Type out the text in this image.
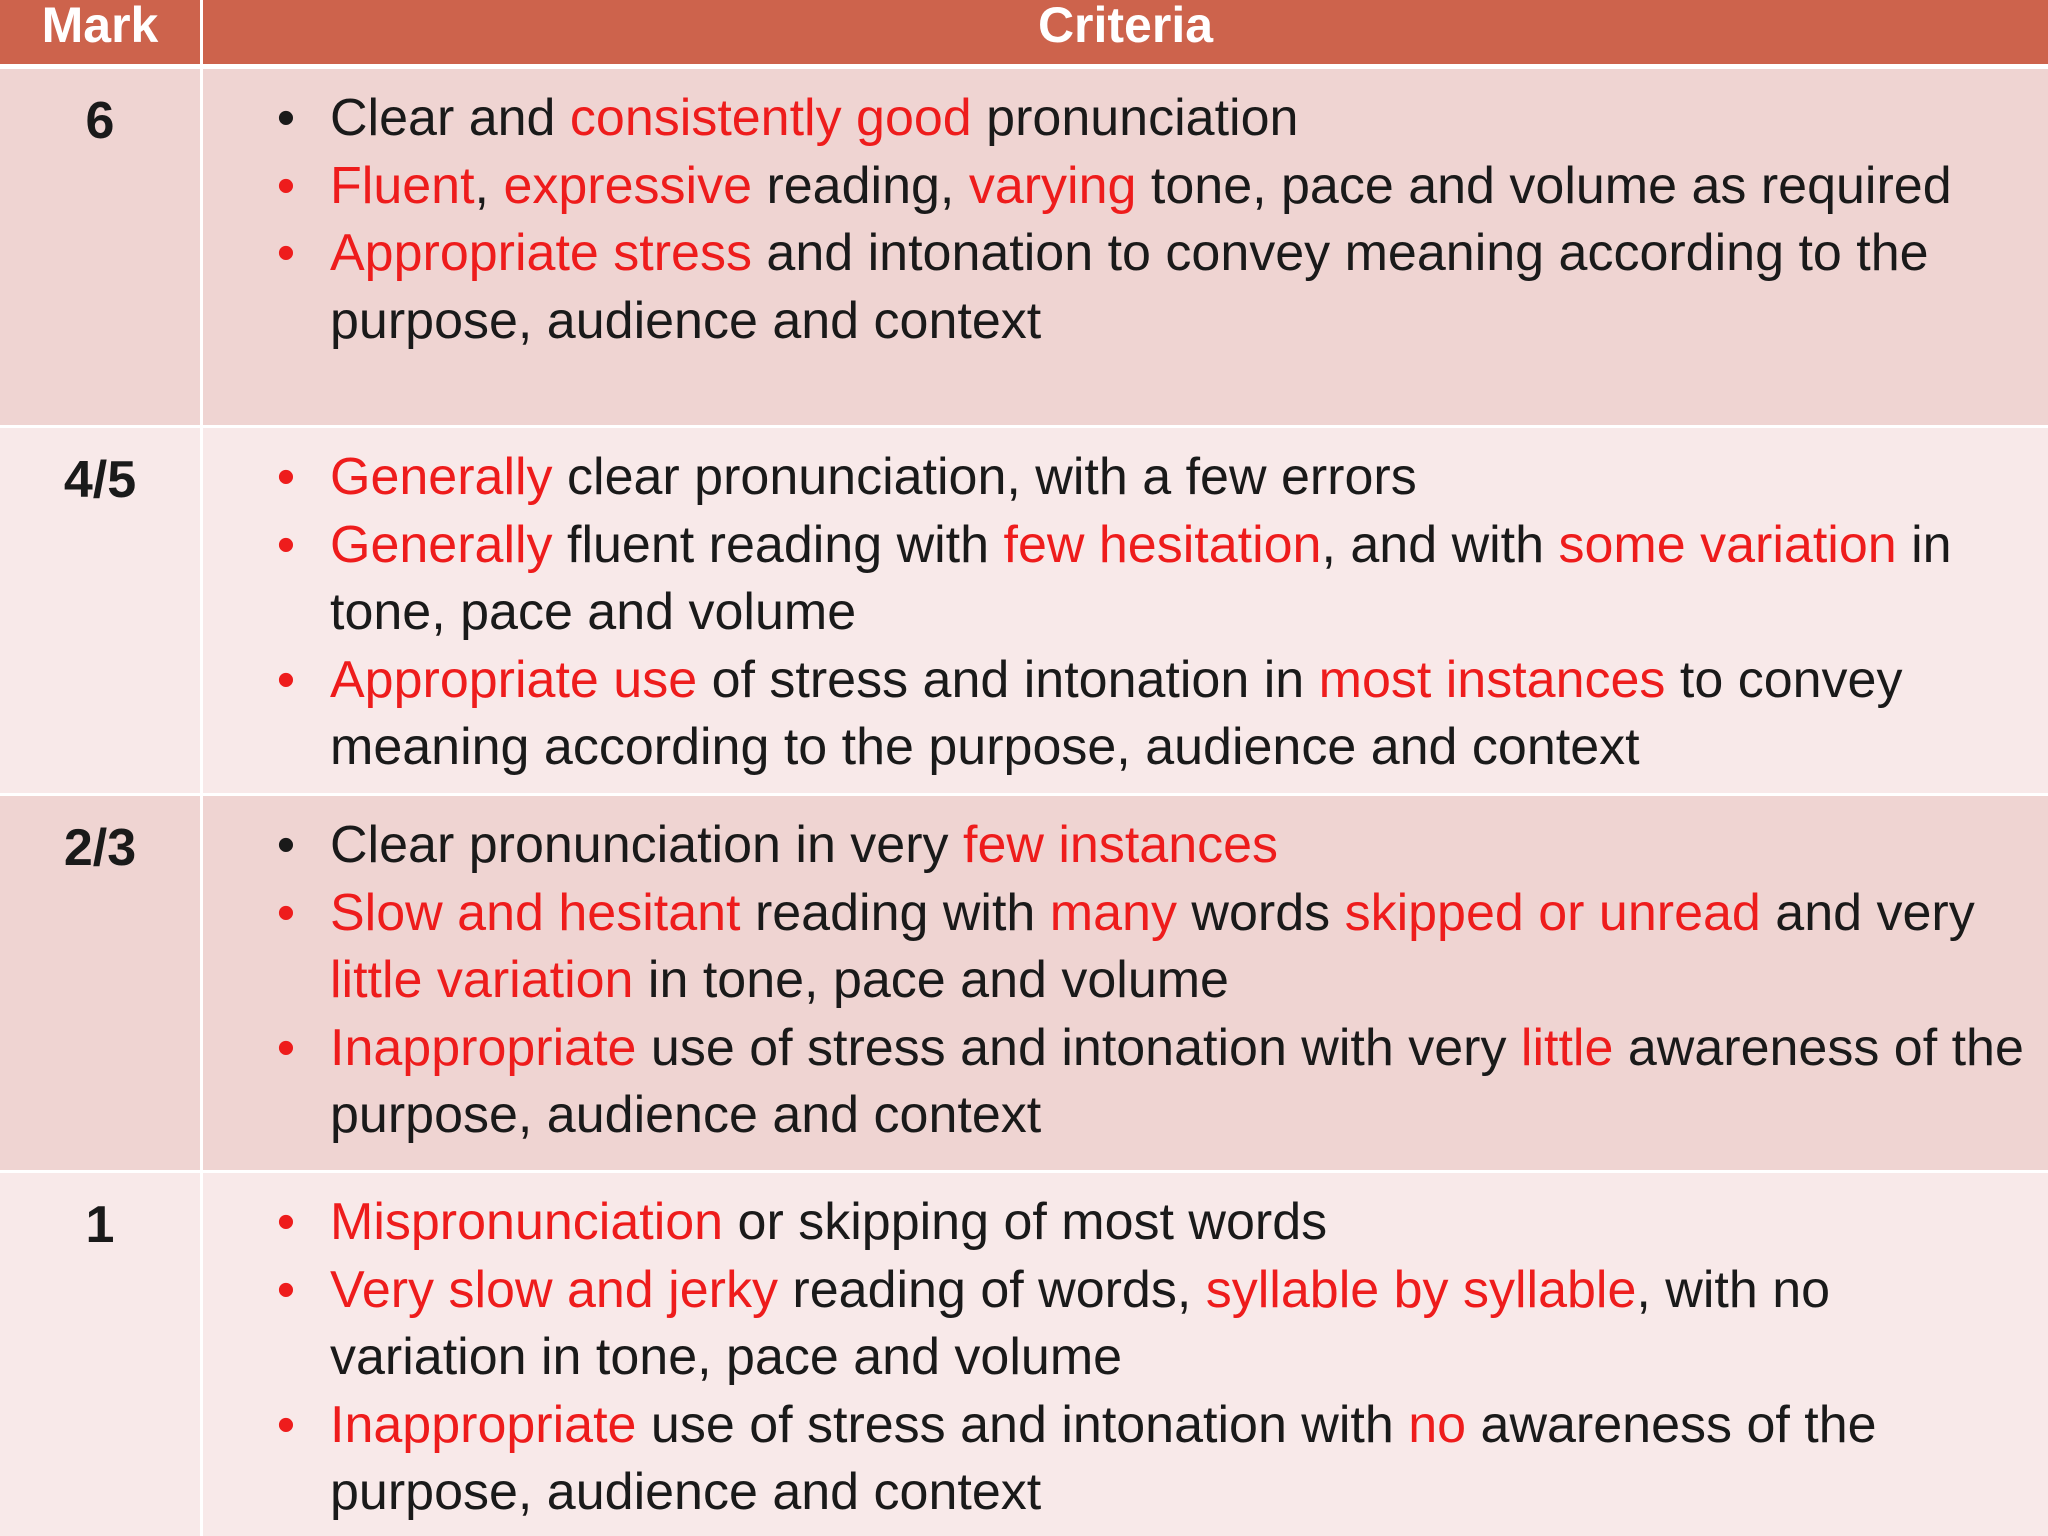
Mark	Criteria
6	• Clear and consistently good pronunciation
• Fluent, expressive reading, varying tone, pace and volume as required
• Appropriate stress and intonation to convey meaning according to the purpose, audience and context
4/5	• Generally clear pronunciation, with a few errors
• Generally fluent reading with few hesitation, and with some variation in tone, pace and volume
• Appropriate use of stress and intonation in most instances to convey meaning according to the purpose, audience and context
2/3	• Clear pronunciation in very few instances
• Slow and hesitant reading with many words skipped or unread and very little variation in tone, pace and volume
• Inappropriate use of stress and intonation with very little awareness of the purpose, audience and context
1	• Mispronunciation or skipping of most words
• Very slow and jerky reading of words, syllable by syllable, with no variation in tone, pace and volume
• Inappropriate use of stress and intonation with no awareness of the purpose, audience and context
